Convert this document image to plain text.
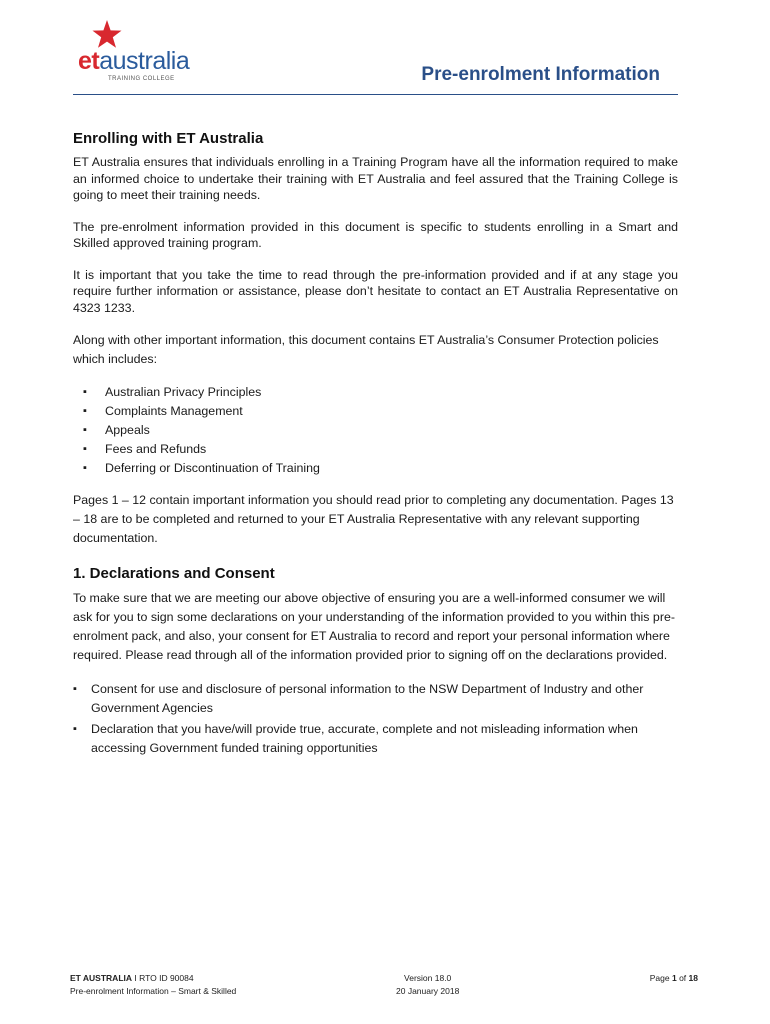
etaustralia
TRAINING COLLEGE	Pre-enrolment Information
Enrolling with ET Australia

ET Australia ensures that individuals enrolling in a Training Program have all the information required to make an informed choice to undertake their training with ET Australia and feel assured that the Training College is going to meet their training needs.

The pre-enrolment information provided in this document is specific to students enrolling in a Smart and Skilled approved training program.

It is important that you take the time to read through the pre-information provided and if at any stage you require further information or assistance, please don’t hesitate to contact an ET Australia Representative on 4323 1233.

Along with other important information, this document contains ET Australia’s Consumer Protection policies which includes:

▪ Australian Privacy Principles
▪ Complaints Management
▪ Appeals
▪ Fees and Refunds
▪ Deferring or Discontinuation of Training

Pages 1 – 12 contain important information you should read prior to completing any documentation. Pages 13 – 18 are to be completed and returned to your ET Australia Representative with any relevant supporting documentation.

1. Declarations and Consent

To make sure that we are meeting our above objective of ensuring you are a well-informed consumer we will ask for you to sign some declarations on your understanding of the information provided to you within this pre-enrolment pack, and also, your consent for ET Australia to record and report your personal information where required. Please read through all of the information provided prior to signing off on the declarations provided.

▪ Consent for use and disclosure of personal information to the NSW Department of Industry and other Government Agencies
▪ Declaration that you have/will provide true, accurate, complete and not misleading information when accessing Government funded training opportunities
ET AUSTRALIA I RTO ID 90084
Pre-enrolment Information – Smart & Skilled
Version 18.0
20 January 2018
Page 1 of 18
